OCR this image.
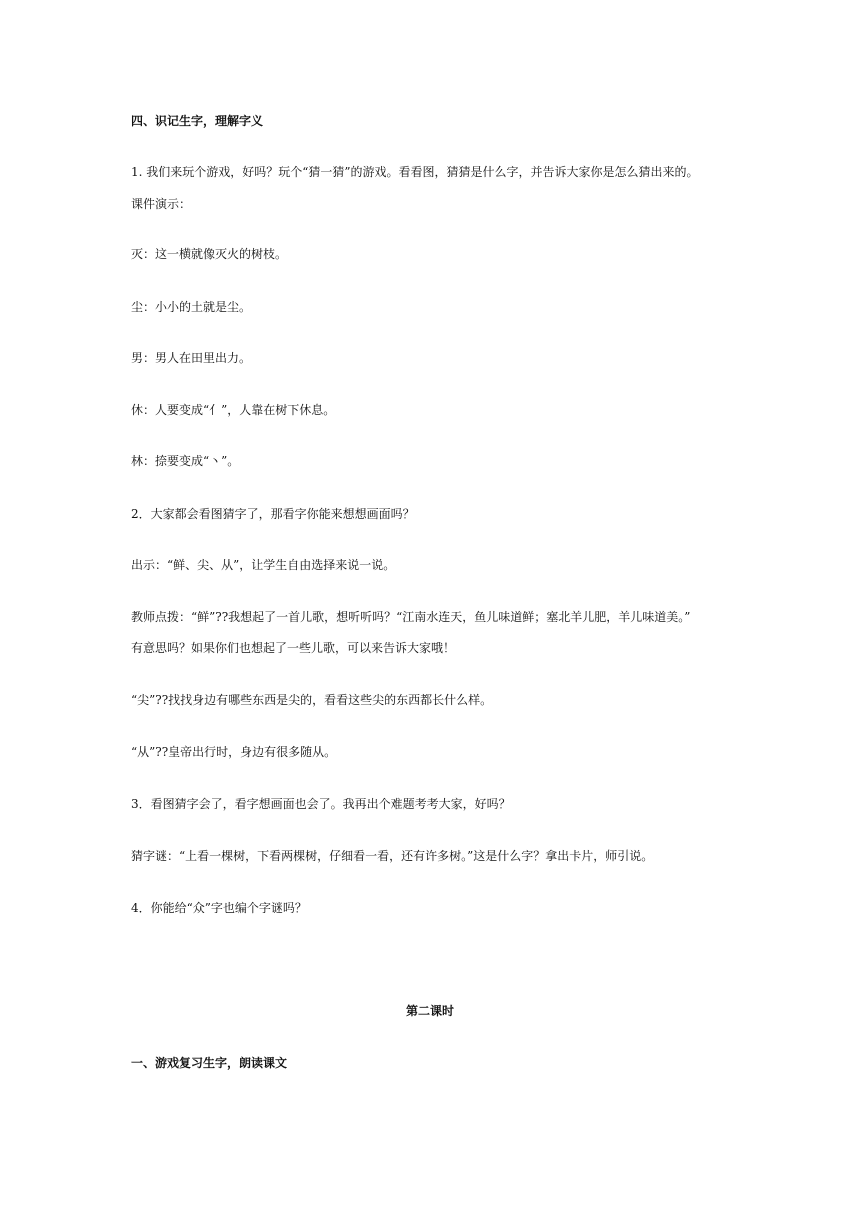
四、识记生字，理解字义

1. 我们来玩个游戏，好吗？玩个“猜一猜”的游戏。看看图，猜猜是什么字，并告诉大家你是怎么猜出来的。

课件演示：

灭：这一横就像灭火的树枝。

尘：小小的土就是尘。

男：男人在田里出力。

休：人要变成“亻”，人靠在树下休息。

林：捺要变成“丶”。

2．大家都会看图猜字了，那看字你能来想想画面吗？

出示：“鲜、尖、从”，让学生自由选择来说一说。

教师点拨：“鲜”??我想起了一首儿歌，想听听吗？“江南水连天，鱼儿味道鲜；塞北羊儿肥，羊儿味道美。”

有意思吗？如果你们也想起了一些儿歌，可以来告诉大家哦！

“尖”??找找身边有哪些东西是尖的，看看这些尖的东西都长什么样。

“从”??皇帝出行时，身边有很多随从。

3．看图猜字会了，看字想画面也会了。我再出个难题考考大家，好吗？

猜字谜：“上看一棵树，下看两棵树，仔细看一看，还有许多树。”这是什么字？拿出卡片，师引说。

4．你能给“众”字也编个字谜吗？

第二课时

一、游戏复习生字，朗读课文
